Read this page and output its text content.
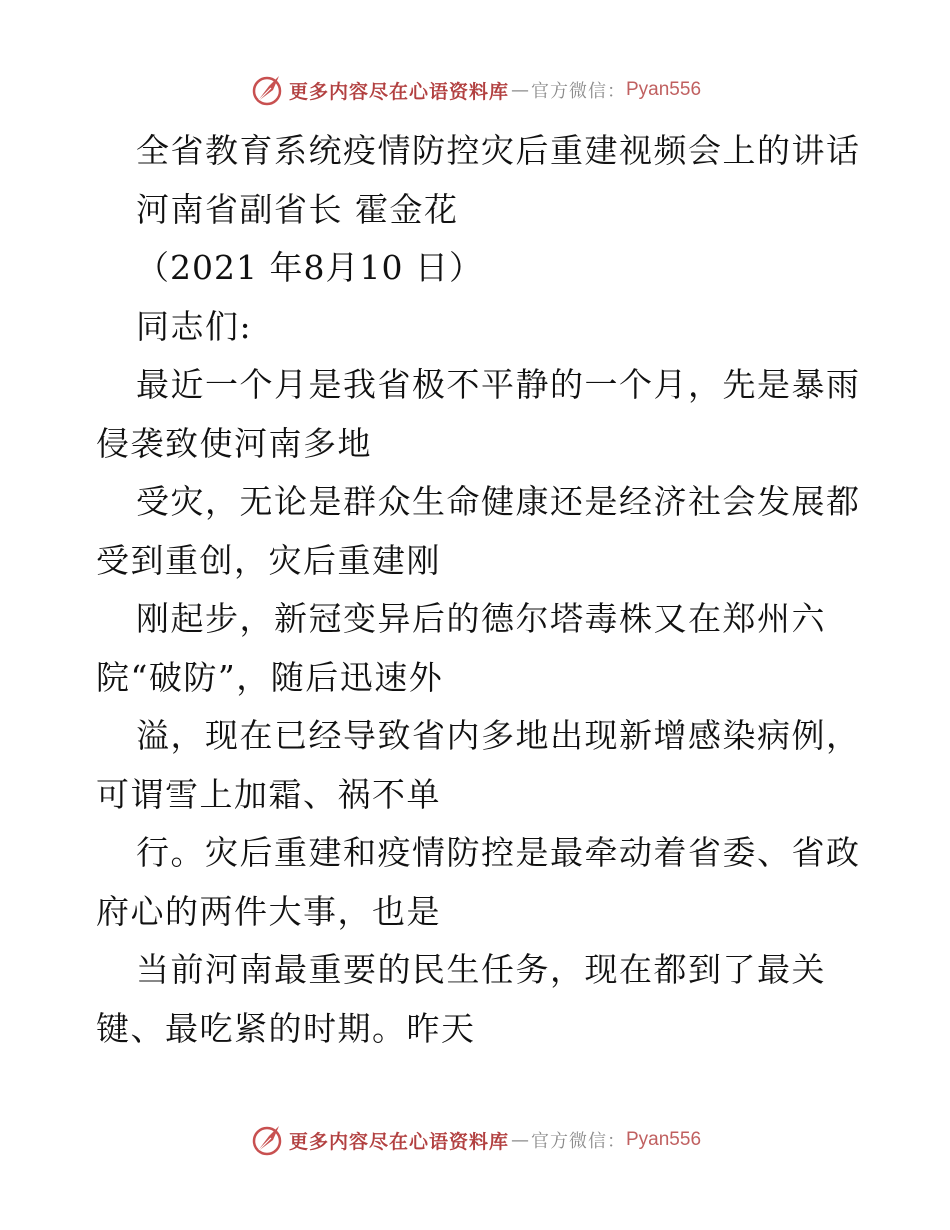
更多内容尽在心语资料库 — 官方微信： Pyan556
全省教育系统疫情防控灾后重建视频会上的讲话
河南省副省长 霍金花
（2021 年8月10 日）
同志们:
最近一个月是我省极不平静的一个月，先是暴雨
侵袭致使河南多地
受灾，无论是群众生命健康还是经济社会发展都
受到重创，灾后重建刚
刚起步，新冠变异后的德尔塔毒株又在郑州六
院“破防”，随后迅速外
溢，现在已经导致省内多地出现新增感染病例，
可谓雪上加霜、祸不单
行。灾后重建和疫情防控是最牵动着省委、省政
府心的两件大事，也是
当前河南最重要的民生任务，现在都到了最关
键、最吃紧的时期。昨天
更多内容尽在心语资料库 — 官方微信： Pyan556
